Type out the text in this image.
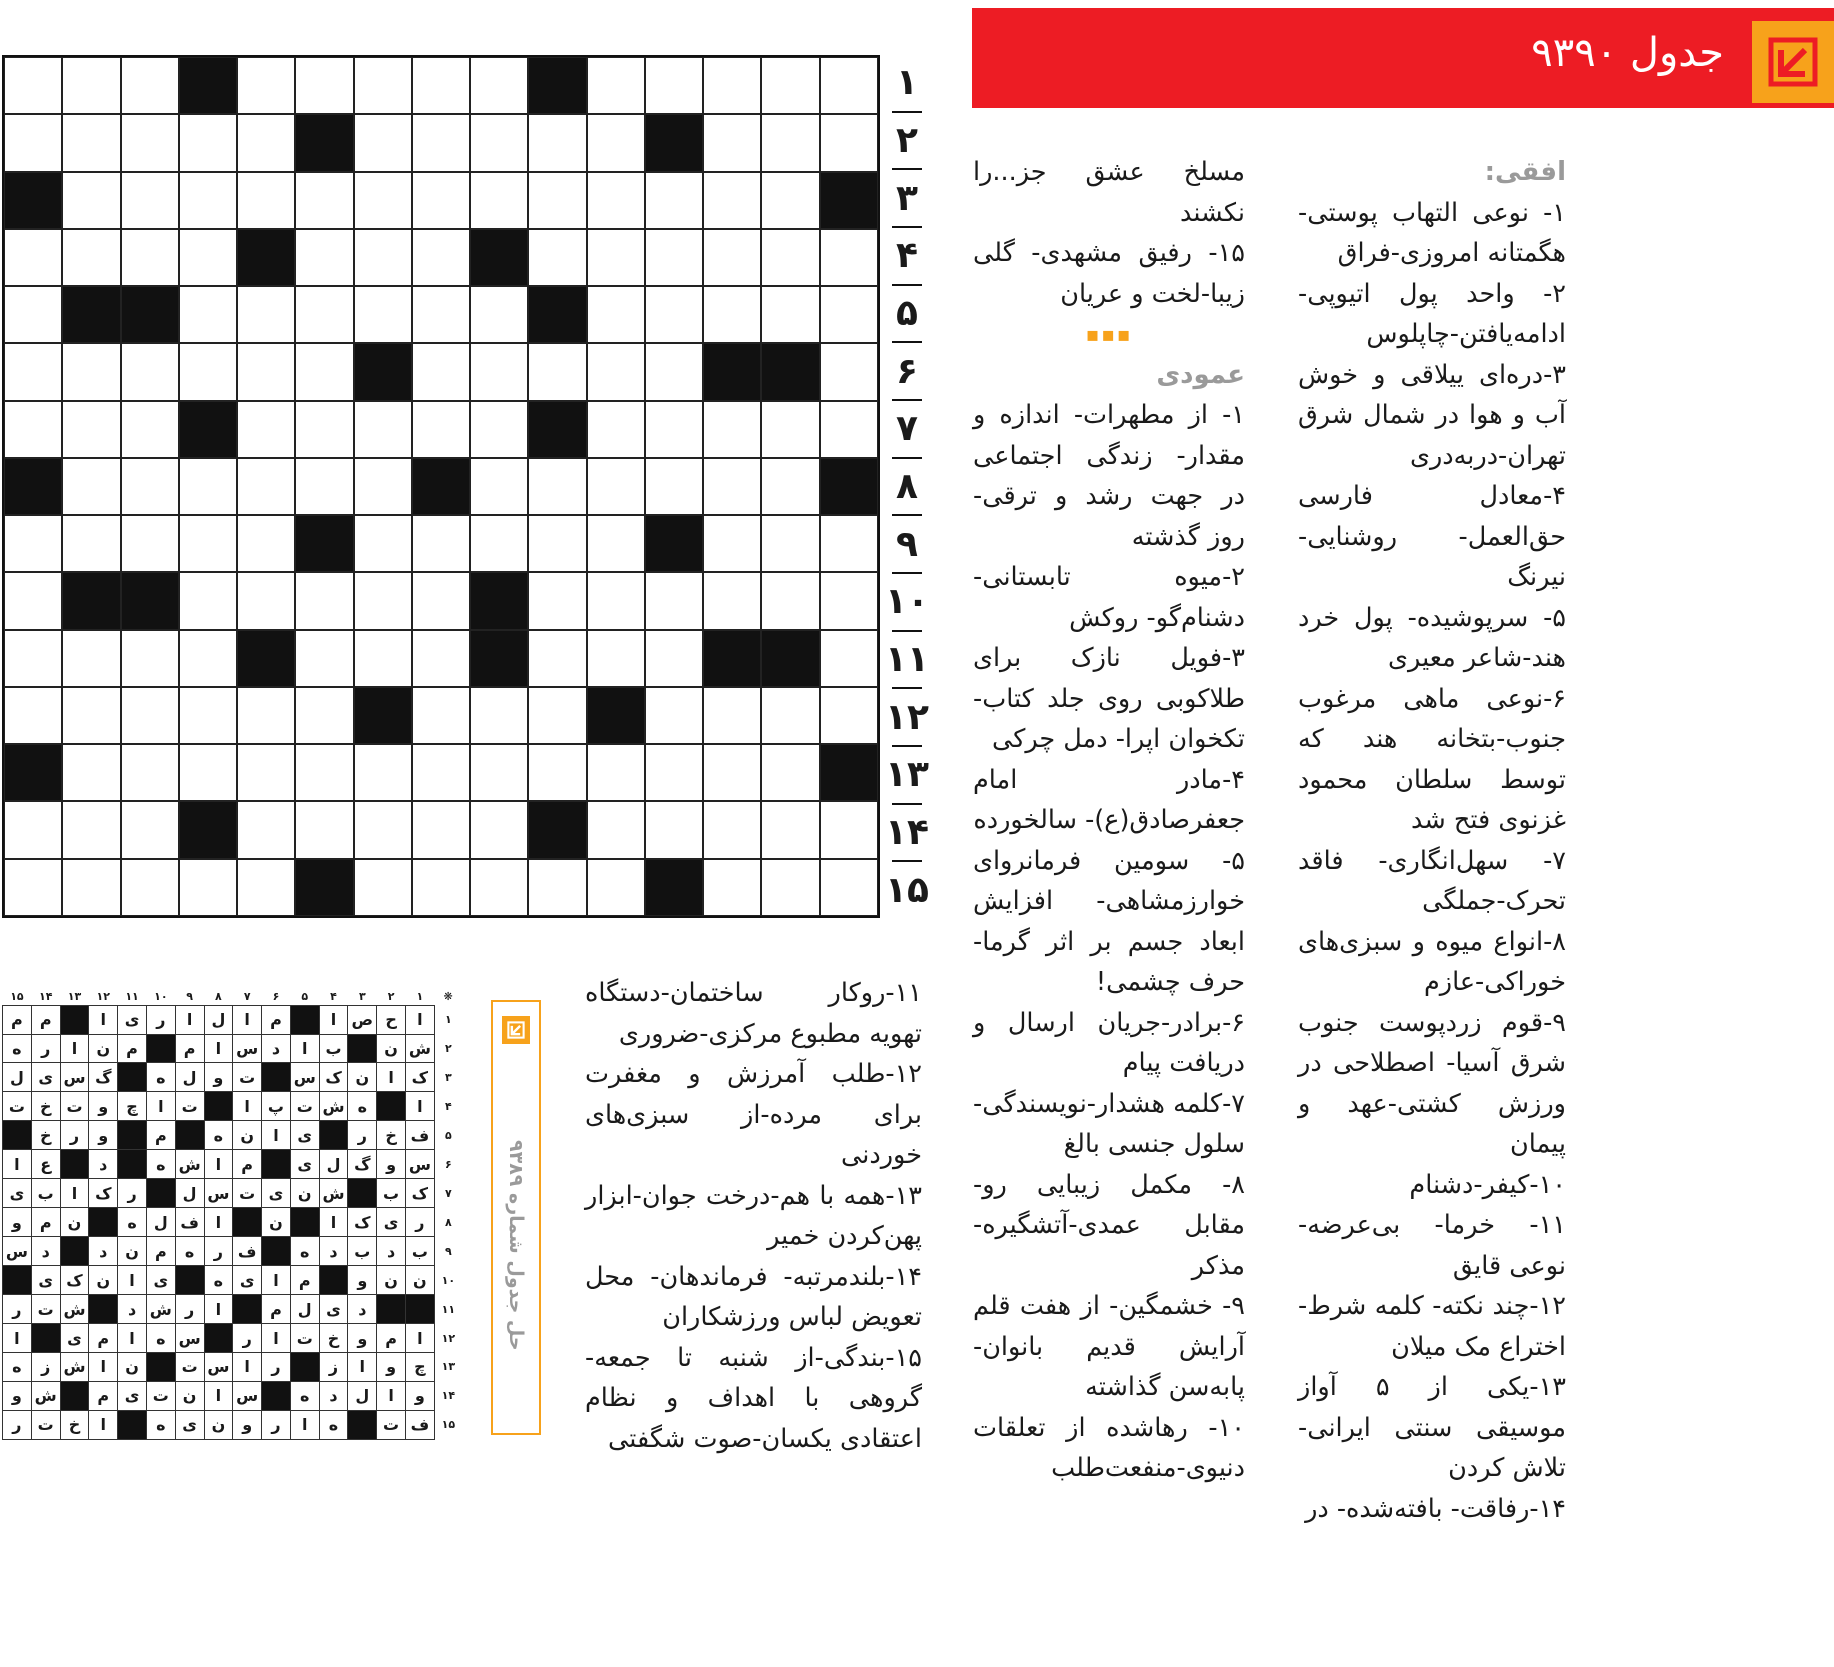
۱
۲
۳
۴
۵
۶
۷
۸
۹
۱۰
۱۱
۱۲
۱۳
۱۴
۱۵
جدول ۹۳۹۰

افقی:

۱- نوعی التهاب پوستی- هگمتانه امروزی-فراق

۲- واحد پول اتیوپی- ادامه‌یافتن-چاپلوس

۳-دره‌ای ییلاقی و خوش آب و هوا در شمال شرق تهران-دربه‌دری

۴-معادل فارسی حق‌العمل- روشنایی-نیرنگ

۵- سرپوشیده- پول خرد هند-شاعر معیری

۶-نوعی ماهی مرغوب جنوب-بتخانه هند که توسط سلطان محمود غزنوی فتح شد

۷- سهل‌انگاری- فاقد تحرک-جملگی

۸-انواع میوه و سبزی‌های خوراکی-عازم

۹-قوم زردپوست جنوب شرق آسیا- اصطلاحی در ورزش کشتی-عهد و پیمان

۱۰-کیفر-دشنام

۱۱- خرما- بی‌عرضه- نوعی قایق

۱۲-چند نکته- کلمه شرط- اختراع مک میلان

۱۳-یکی از ۵ آواز موسیقی سنتی ایرانی-تلاش کردن

۱۴-رفاقت- بافته‌شده- در

مسلخ عشق جز...را نکشند

۱۵- رفیق مشهدی- گلی زیبا-لخت و عریان

▪▪▪

عمودی

۱- از مطهرات- اندازه و مقدار- زندگی اجتماعی در جهت رشد و ترقی- روز گذشته

۲-میوه تابستانی-دشنام‌گو- روکش

۳-فویل نازک برای طلاکوبی روی جلد کتاب-تکخوان اپرا- دمل چرکی

۴-مادر امام جعفرصادق(ع)- سالخورده

۵- سومین فرمانروای خوارزمشاهی- افزایش ابعاد جسم بر اثر گرما- حرف چشمی!

۶-برادر-جریان ارسال و دریافت پیام

۷-کلمه هشدار-نویسندگی- سلول جنسی بالغ

۸- مکمل زیبایی رو- مقابل عمدی-آتشگیره-مذکر

۹- خشمگین- از هفت قلم آرایش قدیم بانوان- پابه‌سن گذاشته

۱۰- رهاشده از تعلقات دنیوی-منفعت‌طلب

۱۱-روکار ساختمان-دستگاه تهویه مطبوع مرکزی-ضروری

۱۲-طلب آمرزش و مغفرت برای مرده-از سبزی‌های خوردنی

۱۳-همه با هم-درخت جوان-ابزار پهن‌کردن خمیر

۱۴-بلندمرتبه- فرماندهان- محل تعویض لباس ورزشکاران

۱۵-بندگی-از شنبه تا جمعه- گروهی با اهداف و نظام اعتقادی یکسان-صوت شگفتی

❋	۱	۲	۳	۴	۵	۶	۷	۸	۹	۱۰	۱۱	۱۲	۱۳	۱۴	۱۵
۱	ا	ح	ص	ا		م	ا	ل	ا	ر	ی	ا		م	م
۲	ش	ن		ب	ا	د	س	ا	م		م	ن	ا	ر	ه
۳	ک	ا	ن	ک	س		ت	و	ل	ه		گ	س	ی	ل
۴	ا		ه	ش	ت	پ	ا		ت	ا	چ	و	ت	خ	ت
۵	ف	خ	ر		ی	ا	ن	ه		م		و	ر	خ	
۶	س	و	گ	ل	ی		م	ا	ش	ه		د		ع	ا
۷	ک	ب		ش	ن	ی	ت	س	ل		ر	ک	ا	ب	ی
۸	ر	ی	ک	ا		ن		ا	ف	ل	ه		ن	م	و
۹	ب	د	ب	د	ه		ف	ر	ه	م	ن	د		د	س
۱۰	ن	ن	و		م	ا	ی	ه		ی	ا	ن	ک	ی	
۱۱			د	ی	ل	م		ا	ر	ش	د		ش	ت	ر
۱۲	ا	م	و	خ	ت	ا	ر		س	ه	ا	م	ی		ا
۱۳	چ	و	ا	ز		ر	ا	س	ت		ن	ا	ش	ز	ه
۱۴	و	ا	ل	د	ه		س	ا	ن	ت	ی	م		ش	و
۱۵	ف	ت		ه	ا	ر	و	ن	ی	ه		ا	خ	ت	ر
حل جدول شماره ۹۳۸۹
